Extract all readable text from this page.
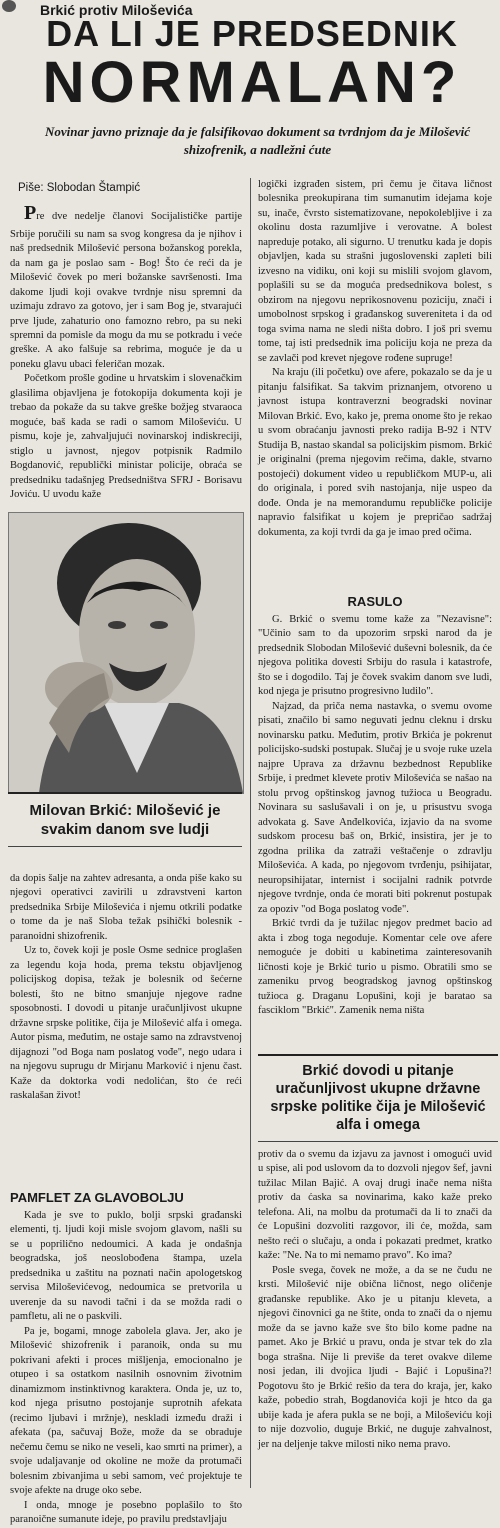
Brkić protiv Miloševića
DA LI JE PREDSEDNIK
NORMALAN?
Novinar javno priznaje da je falsifikovao dokument sa tvrdnjom da je Milošević shizofrenik, a nadležni ćute
Piše: Slobodan Štampić

Pre dve nedelje članovi Socijalističke partije Srbije poručili su nam sa svog kongresa da je njihov i naš predsednik Milošević persona božanskog porekla, da nam ga je poslao sam - Bog! Što će reći da je Milošević čovek po meri božanske savršenosti. Ima dakome ljudi koji ovakve tvrdnje nisu spremni da uzimaju zdravo za gotovo, jer i sam Bog je, stvarajući prve ljude, zahaturio ono famozno rebro, pa su neki spremni da pomisle da mogu da mu se potkradu i veće greške. A ako falšuje sa rebrima, moguće je da u poneku glavu ubaci feleričan mozak.

Početkom prošle godine u hrvatskim i slovenačkim glasilima objavljena je fotokopija dokumenta koji je trebao da pokaže da su takve greške božjeg stvaraoca moguće, baš kada se radi o samom Miloševiću. U pismu, koje je, zahvaljujući novinarskoj indiskreciji, stiglo u javnost, njegov potpisnik Radmilo Bogdanović, republički ministar policije, obraća se predsedniku tadašnjeg Predsedništva SFRJ - Borisavu Joviću. U uvodu kaže

Milovan Brkić: Milošević je svakim danom sve ludji

da dopis šalje na zahtev adresanta, a onda piše kako su njegovi operativci zavirili u zdravstveni karton predsednika Srbije Miloševića i njemu otkrili podatke o tome da je naš Sloba težak psihički bolesnik - paranoidni shizofrenik.

Uz to, čovek koji je posle Osme sednice proglašen za legendu koja hoda, prema tekstu objavljenog policijskog dopisa, težak je bolesnik od šećerne bolesti, što ne bitno smanjuje njegove radne sposobnosti. I dovodi u pitanje uračunljivost ukupne državne srpske politike, čija je Milošević alfa i omega. Autor pisma, međutim, ne ostaje samo na zdravstvenoj dijagnozi "od Boga nam poslatog vođe", nego udara i na njegovu suprugu dr Mirjanu Marković i njenu čast. Kaže da doktorka vodi nedolićan, što će reći raskalašan život!

PAMFLET ZA GLAVOBOLJU

Kada je sve to puklo, bolji srpski građanski elementi, tj. ljudi koji misle svojom glavom, našli su se u poprilično nedoumici. A kada je ondašnja beogradska, još neoslobođena štampa, uzela predsednika u zaštitu na poznati način apologetskog servisa Miloševićevog, nedoumica se pretvorila u uverenje da su navodi tačni i da se možda radi o pamfletu, ali ne o paskvili.

Pa je, bogami, mnoge zabolela glava. Jer, ako je Milošević shizofrenik i paranoik, onda su mu pokrivani afekti i proces mišljenja, emocionalno je otupeo i sa ostatkom nasilnih osnovnim životnim dinamizmom instinktivnog karaktera. Onda je, uz to, kod njega prisutno postojanje suprotnih afekata (recimo ljubavi i mržnje), neskladi između draži i afekata (pa, sačuvaj Bože, može da se obraduje nečemu čemu se niko ne veseli, kao smrti na primer), a svoje udaljavanje od okoline ne može da protumači bolesnim zbivanjima u sebi samom, već projektuje te svoje afekte na druge oko sebe.

I onda, mnoge je posebno poplašilo to što paranoične sumanute ideje, po pravilu predstavljaju

logički izgrađen sistem, pri čemu je čitava ličnost bolesnika preokupirana tim sumanutim idejama koje su, inače, čvrsto sistematizovane, nepokolebljive i za okolinu dosta razumljive i verovatne. A bolest napreduje potako, ali sigurno. U trenutku kada je dopis objavljen, kada su strašni jugoslovenski zapleti bili izvesno na vidiku, oni koji su mislili svojom glavom, poplašili su se da moguća predsednikova bolest, s obzirom na njegovu neprikosnovenu poziciju, znači i umobolnost srpskog i građanskog suvereniteta i da od toga svima nama ne sledi ništa dobro. I još pri svemu tome, taj isti predsednik ima policiju koja ne preza da se zavlači pod krevet njegove rođene supruge!

Na kraju (ili početku) ove afere, pokazalo se da je u pitanju falsifikat. Sa takvim priznanjem, otvoreno u javnost istupa kontraverzni beogradski novinar Milovan Brkić. Evo, kako je, prema onome što je rekao u svom obraćanju javnosti preko radija B-92 i NTV Studija B, nastao skandal sa policijskim pismom. Brkić je originalni (prema njegovim rečima, dakle, stvarno postojeći) dokument video u republičkom MUP-u, ali do originala, i pored svih nastojanja, nije uspeo da dođe. Onda je na memorandumu republičke policije napravio falsifikat u kojem je prepričao sadržaj dokumenta, za koji tvrdi da ga je imao pred očima.

RASULO

G. Brkić o svemu tome kaže za "Nezavisne": "Učinio sam to da upozorim srpski narod da je predsednik Slobodan Milošević duševni bolesnik, da će njegova politika dovesti Srbiju do rasula i katastrofe, što se i dogodilo. Taj je čovek svakim danom sve ludi, kod njega je prisutno progresivno ludilo".

Najzad, da priča nema nastavka, o svemu ovome pisati, značilo bi samo neguvati jednu cleknu i drsku novinarsku patku. Međutim, protiv Brkića je pokrenut policijsko-sudski postupak. Slučaj je u svoje ruke uzela najpre Uprava za državnu bezbednost Republike Srbije, i predmet klevete protiv Miloševića se našao na stolu prvog opštinskog javnog tužioca u Beogradu. Novinara su saslušavali i on je, u prisustvu svoga advokata g. Save Anđelkovića, izjavio da na svome sudskom procesu baš on, Brkić, insistira, jer je to zgodna prilika da zatraži veštačenje o zdravlju Miloševića. A kada, po njegovom tvrđenju, psihijatar, neuropsihijatar, internist i socijalni radnik potvrde njegove tvrdnje, onda će morati biti pokrenut postupak za opoziv "od Boga poslatog vođe".

Brkić tvrdi da je tužilac njegov predmet bacio ad akta i zbog toga negoduje. Komentar cele ove afere nemoguće je dobiti u kabinetima zainteresovanih ličnosti koje je Brkić turio u pismo. Obratili smo se zameniku prvog beogradskog javnog opštinskog tužioca g. Draganu Lopušini, koji je baratao sa fasciklom "Brkić". Zamenik nema ništa

Brkić dovodi u pitanje uračunljivost ukupne državne srpske politike čija je Milošević alfa i omega

protiv da o svemu da izjavu za javnost i omogući uvid u spise, ali pod uslovom da to dozvoli njegov šef, javni tužilac Milan Bajić. A ovaj drugi inače nema ništa protiv da ćaska sa novinarima, kako kaže preko telefona. Ali, na molbu da protumači da li to znači da će Lopušini dozvoliti razgovor, ili će, možda, sam nešto reći o slučaju, a onda i pokazati predmet, kratko kaže: "Ne. Na to mi nemamo pravo". Ko ima?

Posle svega, čovek ne može, a da se ne čudu ne krsti. Milošević nije obična ličnost, nego oličenje građanske republike. Ako je u pitanju kleveta, a njegovi činovnici ga ne štite, onda to znači da o njemu može da se javno kaže sve što bilo kome padne na pamet. Ako je Brkić u pravu, onda je stvar tek do zla boga strašna. Nije li previše da teret ovakve dileme nosi jedan, ili dvojica ljudi - Bajić i Lopušina?! Pogotovu što je Brkić rešio da tera do kraja, jer, kako kaže, pobedio strah, Bogdanovića koji je htco da ga ubije kada je afera pukla se ne boji, a Miloševiću koji to nije dozvolio, duguje Brkić, ne duguje zahvalnost, jer na deljenje takve milosti niko nema pravo.
